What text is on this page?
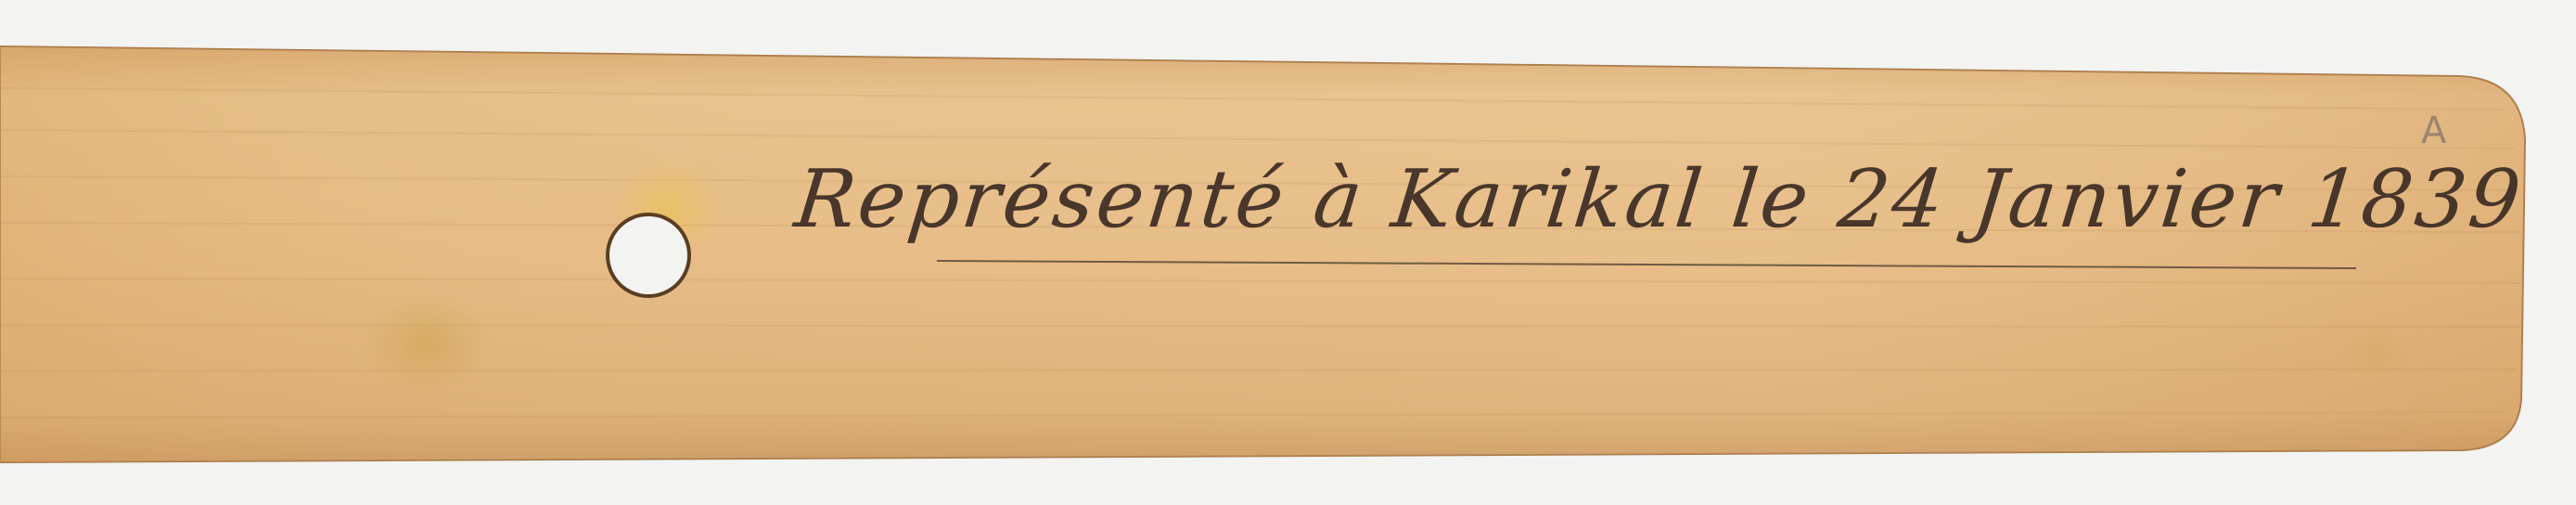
A
Représenté à Karikal le 24 Janvier 1839
